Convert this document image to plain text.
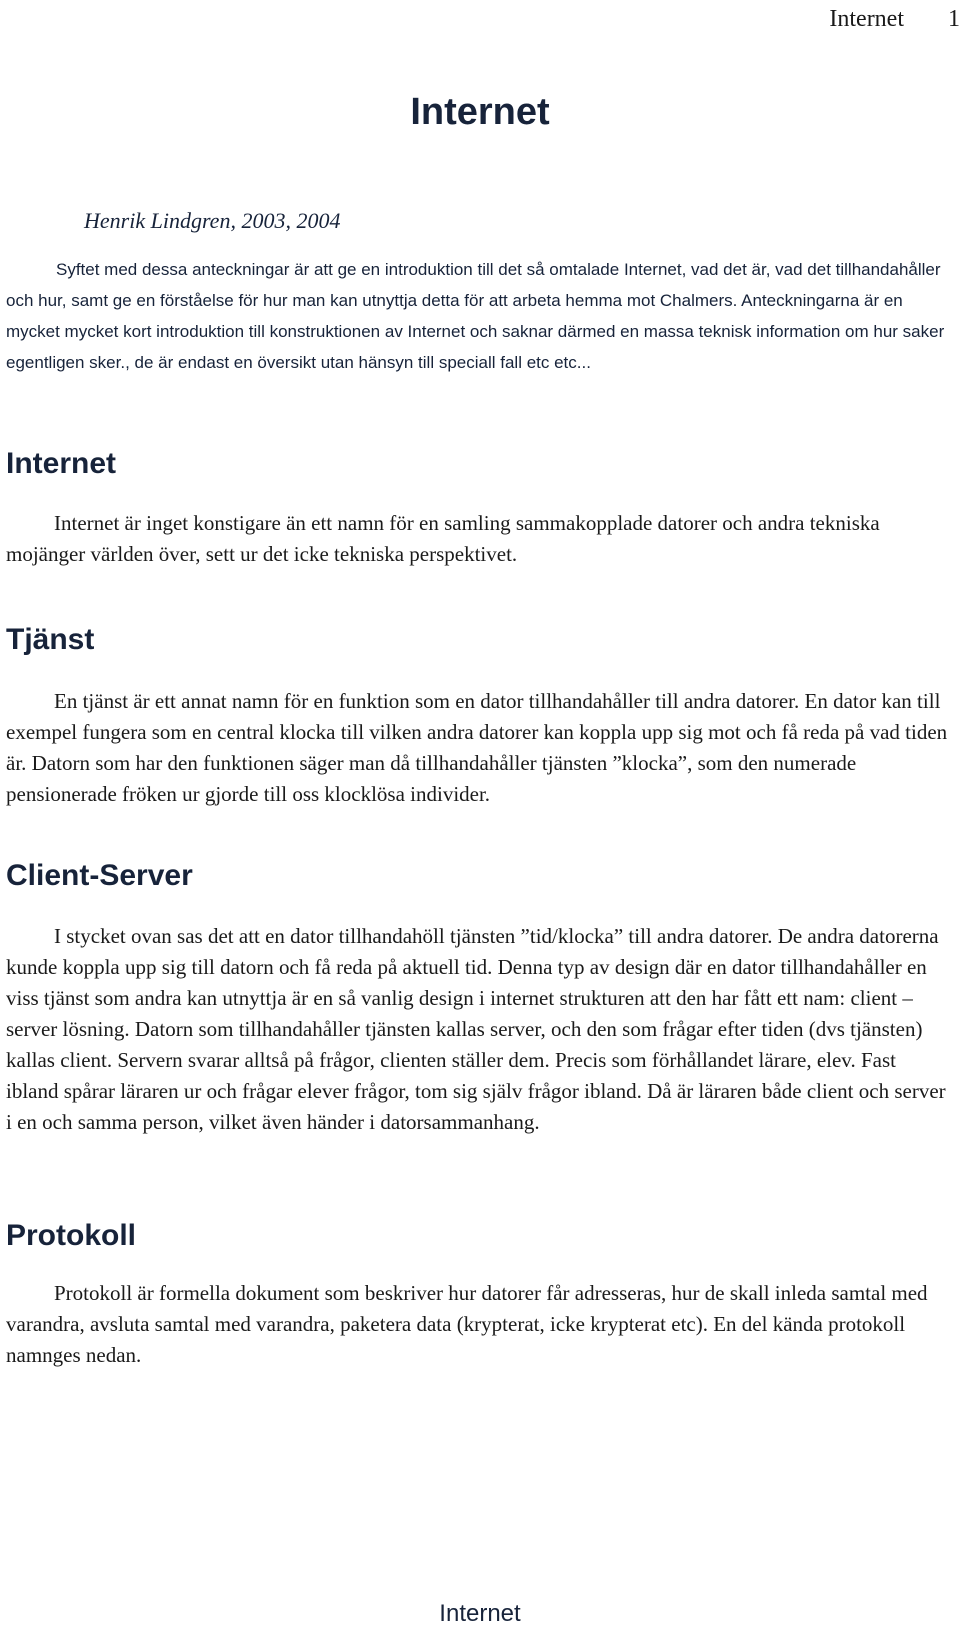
Internet 1
Internet

Henrik Lindgren, 2003, 2004

Syftet med dessa anteckningar är att ge en introduktion till det så omtalade Internet, vad det är, vad det tillhandahåller och hur, samt ge en förståelse för hur man kan utnyttja detta för att arbeta hemma mot Chalmers. Anteckningarna är en mycket mycket kort introduktion till konstruktionen av Internet och saknar därmed en massa teknisk information om hur saker egentligen sker., de är endast en översikt utan hänsyn till speciall fall etc etc...

Internet

Internet är inget konstigare än ett namn för en samling sammakopplade datorer och andra tekniska mojänger världen över, sett ur det icke tekniska perspektivet.

Tjänst

En tjänst är ett annat namn för en funktion som en dator tillhandahåller till andra datorer. En dator kan till exempel fungera som en central klocka till vilken andra datorer kan koppla upp sig mot och få reda på vad tiden är. Datorn som har den funktionen säger man då tillhandahåller tjänsten ”klocka”, som den numerade pensionerade fröken ur gjorde till oss klocklösa individer.

Client-Server

I stycket ovan sas det att en dator tillhandahöll tjänsten ”tid/klocka” till andra datorer. De andra datorerna kunde koppla upp sig till datorn och få reda på aktuell tid. Denna typ av design där en dator tillhandahåller en viss tjänst som andra kan utnyttja är en så vanlig design i internet strukturen att den har fått ett nam: client – server lösning. Datorn som tillhandahåller tjänsten kallas server, och den som frågar efter tiden (dvs tjänsten) kallas client. Servern svarar alltså på frågor, clienten ställer dem. Precis som förhållandet lärare, elev. Fast ibland spårar läraren ur och frågar elever frågor, tom sig själv frågor ibland. Då är läraren både client och server i en och samma person, vilket även händer i datorsammanhang.

Protokoll

Protokoll är formella dokument som beskriver hur datorer får adresseras, hur de skall inleda samtal med varandra, avsluta samtal med varandra, paketera data (krypterat, icke krypterat etc). En del kända protokoll namnges nedan.

Internet
